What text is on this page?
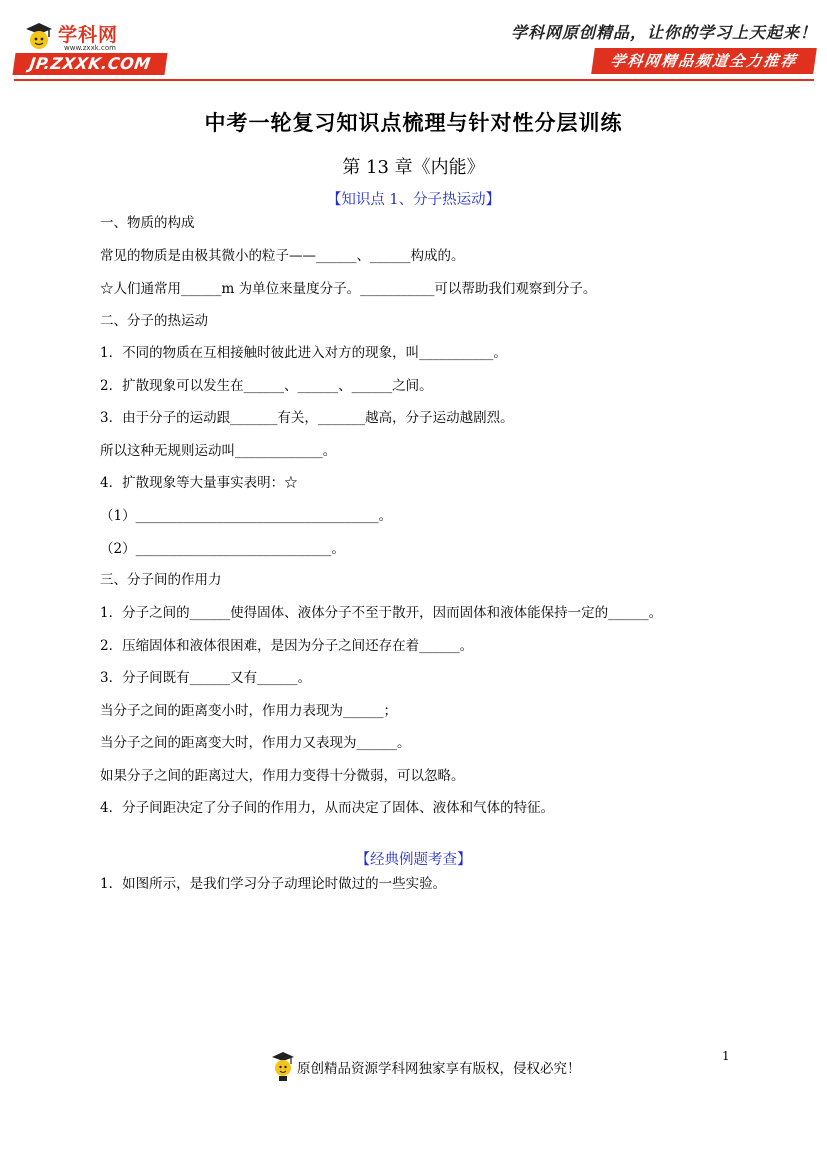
学科网
www.zxxk.com
JP.ZXXK.COM
学科网原创精品，让你的学习上天起来！
学科网精品频道全力推荐
中考一轮复习知识点梳理与针对性分层训练
第 13 章《内能》
【知识点 1、分子热运动】
一、物质的构成
常见的物质是由极其微小的粒子——______、______构成的。
☆人们通常用______m 为单位来量度分子。___________可以帮助我们观察到分子。
二、分子的热运动
1．不同的物质在互相接触时彼此进入对方的现象，叫___________。
2．扩散现象可以发生在______、______、______之间。
3．由于分子的运动跟_______有关，_______越高，分子运动越剧烈。
所以这种无规则运动叫_____________。
4．扩散现象等大量事实表明：☆
（1）____________________________________。
（2）_____________________________。
三、分子间的作用力
1．分子之间的______使得固体、液体分子不至于散开，因而固体和液体能保持一定的______。
2．压缩固体和液体很困难，是因为分子之间还存在着______。
3．分子间既有______又有______。
当分子之间的距离变小时，作用力表现为______；
当分子之间的距离变大时，作用力又表现为______。
如果分子之间的距离过大，作用力变得十分微弱，可以忽略。
4．分子间距决定了分子间的作用力，从而决定了固体、液体和气体的特征。
【经典例题考查】
1．如图所示，是我们学习分子动理论时做过的一些实验。
1
原创精品资源学科网独家享有版权，侵权必究！
